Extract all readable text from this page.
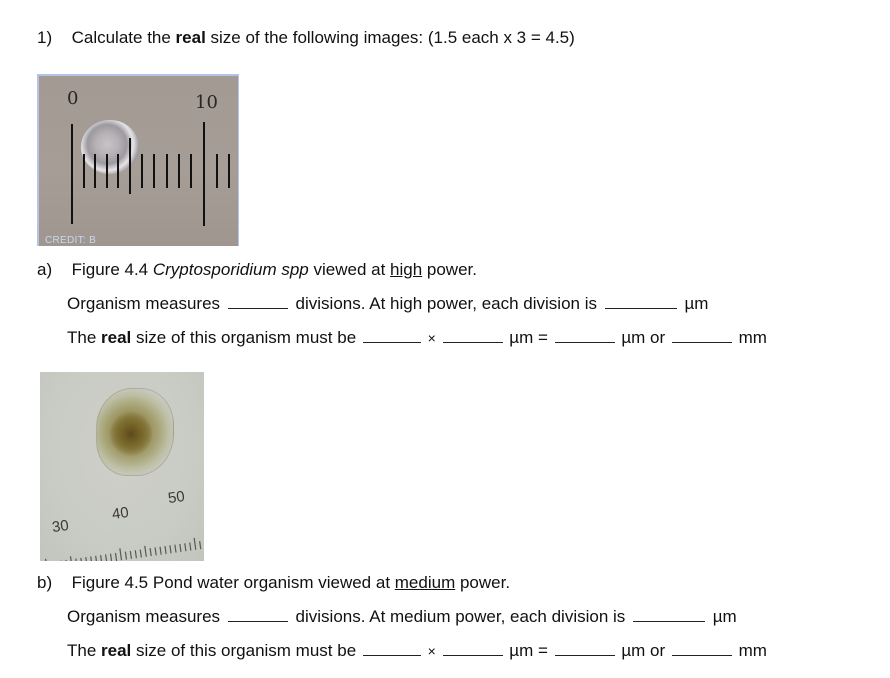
1) Calculate the real size of the following images: (1.5 each x 3 = 4.5)
0	10
CREDIT: B
a) Figure 4.4 Cryptosporidium spp viewed at high power.
Organism measures	divisions. At high power, each division is	µm
The real size of this organism must be	×	µm =	µm or	mm
30
40
50
b) Figure 4.5 Pond water organism viewed at medium power.
Organism measures	divisions. At medium power, each division is	µm
The real size of this organism must be	×	µm =	µm or	mm
